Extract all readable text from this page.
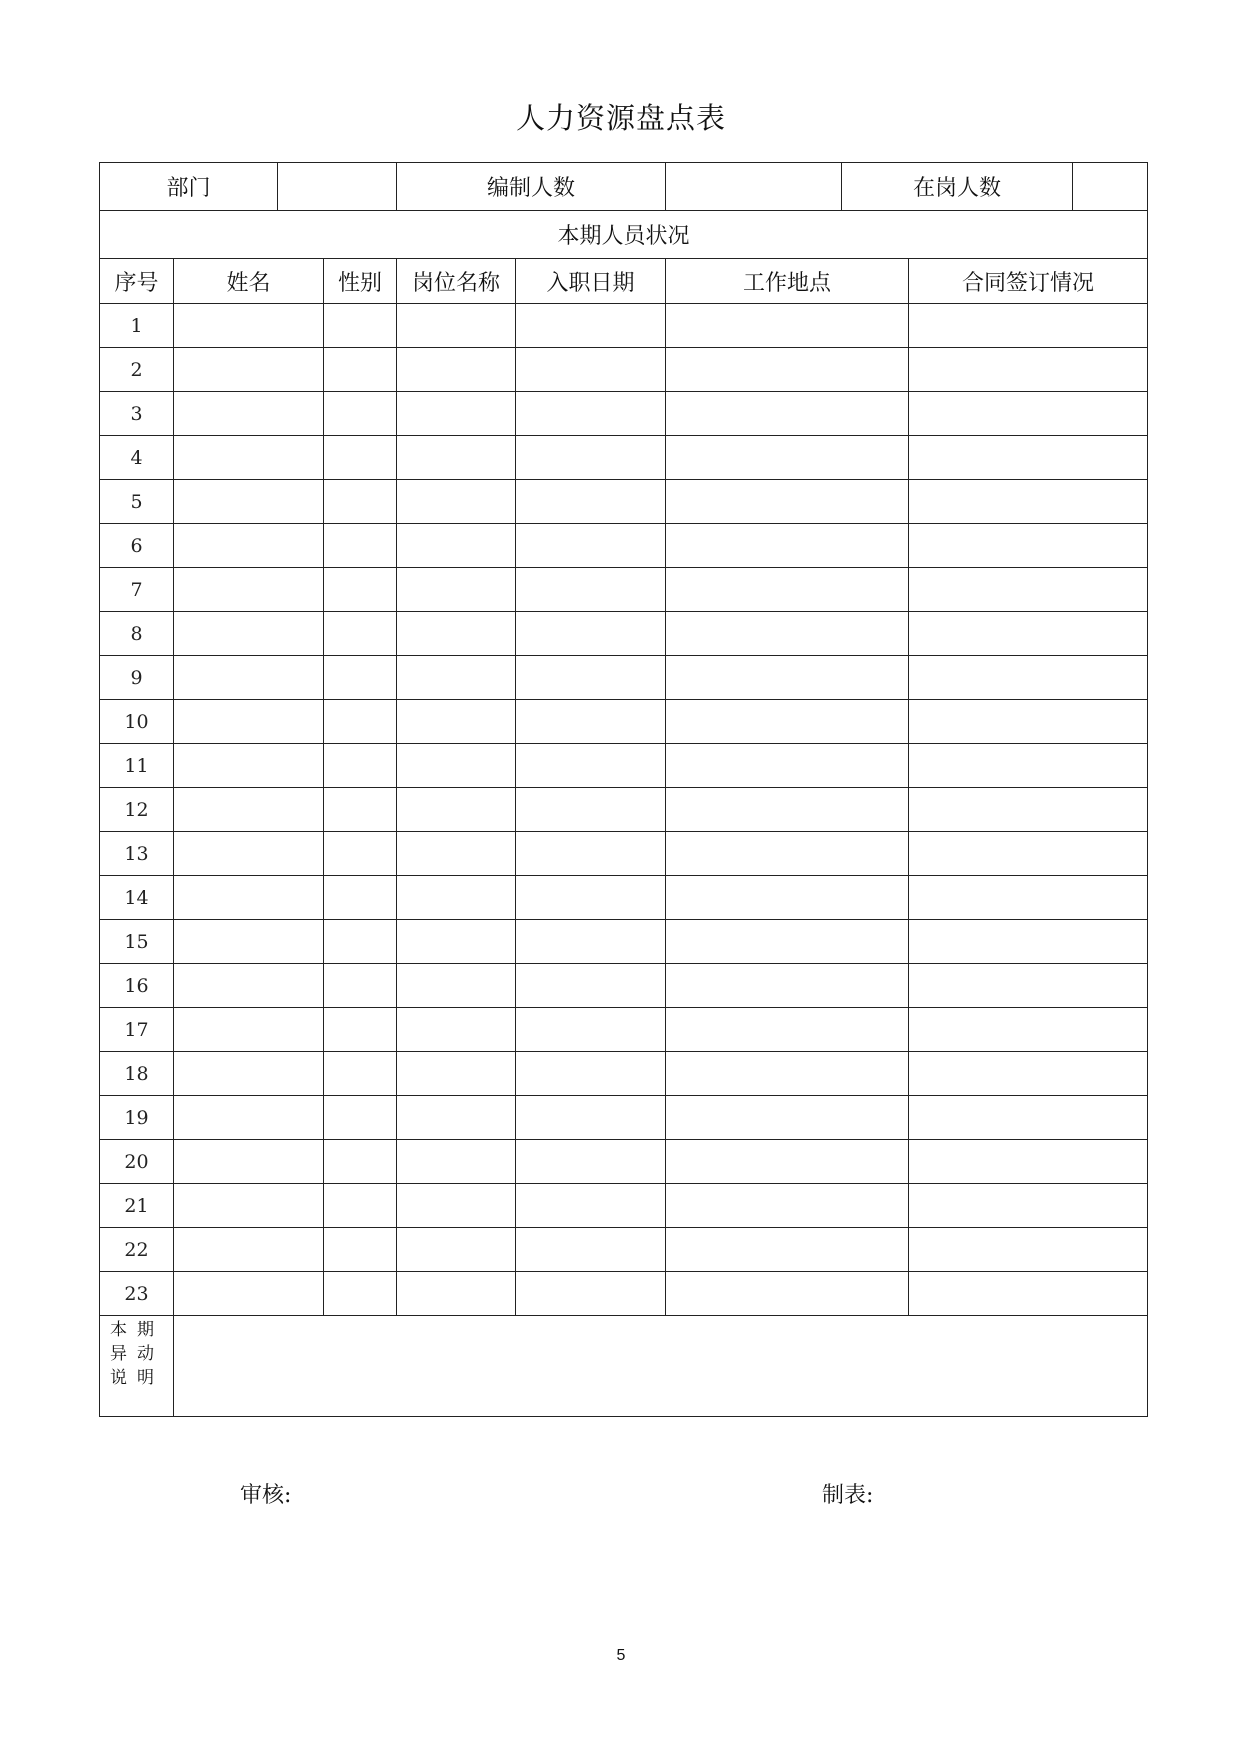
人力资源盘点表
部门				编制人数			在岗人数		
本期人员状况									
序号	姓名		性别	岗位名称	入职日期	工作地点		合同签订情况	
1									
2									
3									
4									
5									
6									
7									
8									
9									
10									
11									
12									
13									
14									
15									
16									
17									
18									
19									
20									
21									
22									
23									
本期异动说明									
审核:	制表:
5
